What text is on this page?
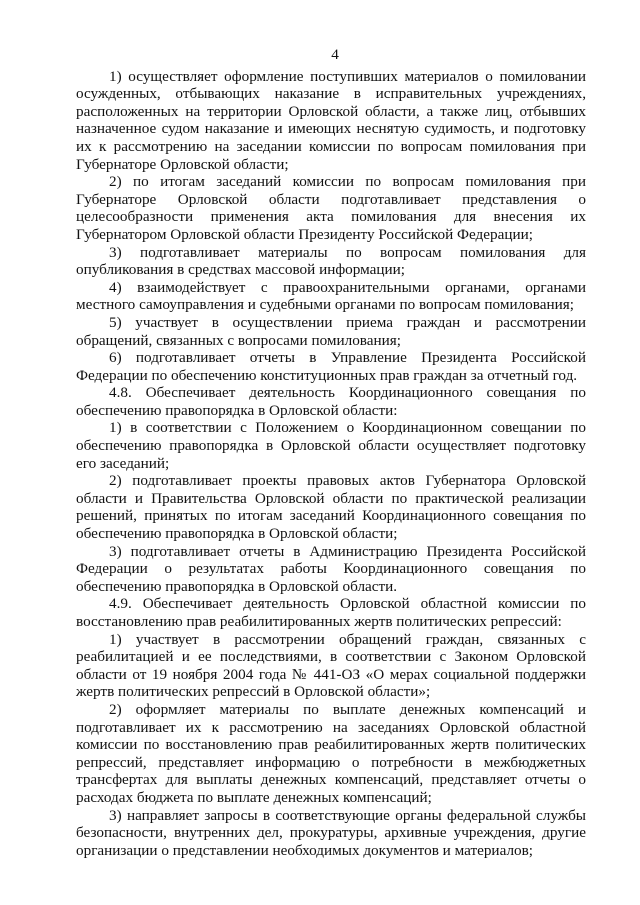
4

1) осуществляет оформление поступивших материалов о помиловании осужденных, отбывающих наказание в исправительных учреждениях, расположенных на территории Орловской области, а также лиц, отбывших назначенное судом наказание и имеющих неснятую судимость, и подготовку их к рассмотрению на заседании комиссии по вопросам помилования при Губернаторе Орловской области;

2) по итогам заседаний комиссии по вопросам помилования при Губернаторе Орловской области подготавливает представления о целесообразности применения акта помилования для внесения их Губернатором Орловской области Президенту Российской Федерации;

3) подготавливает материалы по вопросам помилования для опубликования в средствах массовой информации;

4) взаимодействует с правоохранительными органами, органами местного самоуправления и судебными органами по вопросам помилования;

5) участвует в осуществлении приема граждан и рассмотрении обращений, связанных с вопросами помилования;

6) подготавливает отчеты в Управление Президента Российской Федерации по обеспечению конституционных прав граждан за отчетный год.

4.8. Обеспечивает деятельность Координационного совещания по обеспечению правопорядка в Орловской области:

1) в соответствии с Положением о Координационном совещании по обеспечению правопорядка в Орловской области осуществляет подготовку его заседаний;

2) подготавливает проекты правовых актов Губернатора Орловской области и Правительства Орловской области по практической реализации решений, принятых по итогам заседаний Координационного совещания по обеспечению правопорядка в Орловской области;

3) подготавливает отчеты в Администрацию Президента Российской Федерации о результатах работы Координационного совещания по обеспечению правопорядка в Орловской области.

4.9. Обеспечивает деятельность Орловской областной комиссии по восстановлению прав реабилитированных жертв политических репрессий:

1) участвует в рассмотрении обращений граждан, связанных с реабилитацией и ее последствиями, в соответствии с Законом Орловской области от 19 ноября 2004 года № 441-ОЗ «О мерах социальной поддержки жертв политических репрессий в Орловской области»;

2) оформляет материалы по выплате денежных компенсаций и подготавливает их к рассмотрению на заседаниях Орловской областной комиссии по восстановлению прав реабилитированных жертв политических репрессий, представляет информацию о потребности в межбюджетных трансфертах для выплаты денежных компенсаций, представляет отчеты о расходах бюджета по выплате денежных компенсаций;

3) направляет запросы в соответствующие органы федеральной службы безопасности, внутренних дел, прокуратуры, архивные учреждения, другие организации о представлении необходимых документов и материалов;
